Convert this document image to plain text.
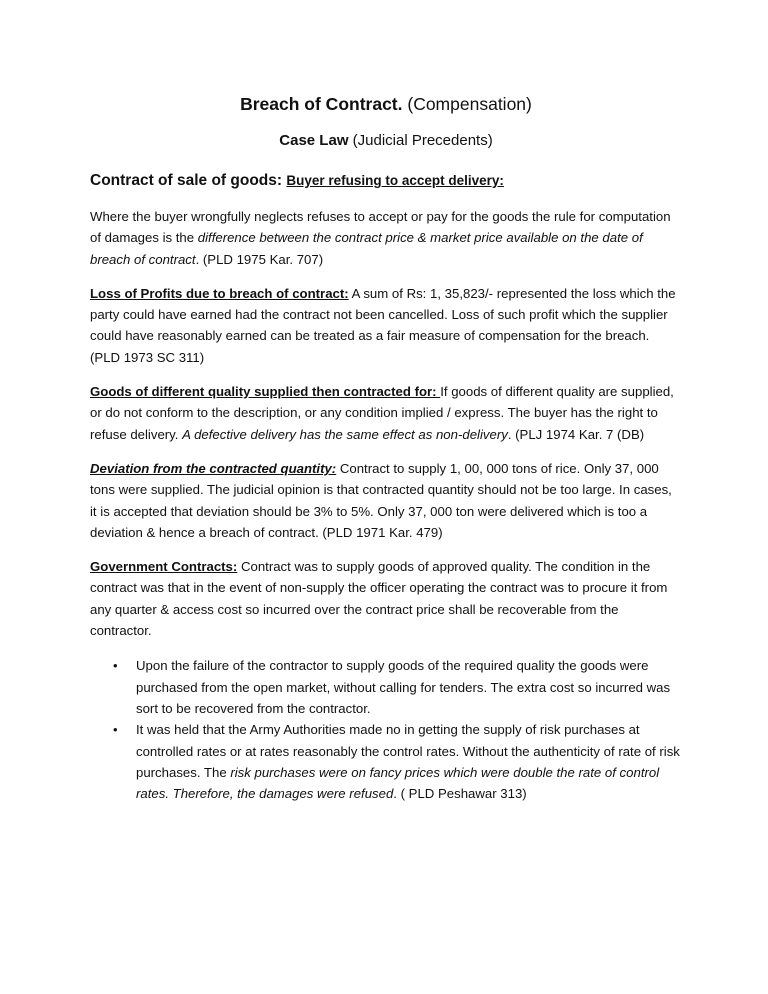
Breach of Contract. (Compensation)
Case Law (Judicial Precedents)
Contract of sale of goods: Buyer refusing to accept delivery:

Where the buyer wrongfully neglects refuses to accept or pay for the goods the rule for computation of damages is the difference between the contract price & market price available on the date of breach of contract. (PLD 1975 Kar. 707)

Loss of Profits due to breach of contract: A sum of Rs: 1, 35,823/- represented the loss which the party could have earned had the contract not been cancelled. Loss of such profit which the supplier could have reasonably earned can be treated as a fair measure of compensation for the breach. (PLD 1973 SC 311)

Goods of different quality supplied then contracted for: If goods of different quality are supplied, or do not conform to the description, or any condition implied / express. The buyer has the right to refuse delivery. A defective delivery has the same effect as non-delivery. (PLJ 1974 Kar. 7 (DB)

Deviation from the contracted quantity: Contract to supply 1, 00, 000 tons of rice. Only 37, 000 tons were supplied. The judicial opinion is that contracted quantity should not be too large. In cases, it is accepted that deviation should be 3% to 5%. Only 37, 000 ton were delivered which is too a deviation & hence a breach of contract. (PLD 1971 Kar. 479)

Government Contracts: Contract was to supply goods of approved quality. The condition in the contract was that in the event of non-supply the officer operating the contract was to procure it from any quarter & access cost so incurred over the contract price shall be recoverable from the contractor.

• Upon the failure of the contractor to supply goods of the required quality the goods were purchased from the open market, without calling for tenders. The extra cost so incurred was sort to be recovered from the contractor.
• It was held that the Army Authorities made no in getting the supply of risk purchases at controlled rates or at rates reasonably the control rates. Without the authenticity of rate of risk purchases. The risk purchases were on fancy prices which were double the rate of control rates. Therefore, the damages were refused. ( PLD Peshawar 313)
